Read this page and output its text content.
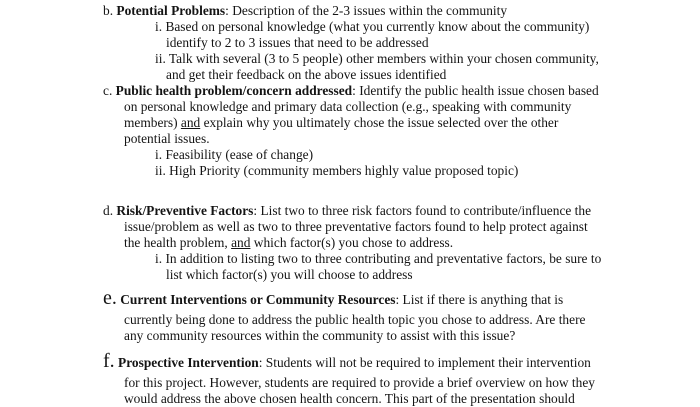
b. Potential Problems: Description of the 2-3 issues within the community
i. Based on personal knowledge (what you currently know about the community)
identify to 2 to 3 issues that need to be addressed
ii. Talk with several (3 to 5 people) other members within your chosen community,
and get their feedback on the above issues identified
c. Public health problem/concern addressed: Identify the public health issue chosen based
on personal knowledge and primary data collection (e.g., speaking with community
members) and explain why you ultimately chose the issue selected over the other
potential issues.
i. Feasibility (ease of change)
ii. High Priority (community members highly value proposed topic)
d. Risk/Preventive Factors: List two to three risk factors found to contribute/influence the
issue/problem as well as two to three preventative factors found to help protect against
the health problem, and which factor(s) you chose to address.
i. In addition to listing two to three contributing and preventative factors, be sure to
list which factor(s) you will choose to address
e. Current Interventions or Community Resources: List if there is anything that is
currently being done to address the public health topic you chose to address. Are there
any community resources within the community to assist with this issue?
f. Prospective Intervention: Students will not be required to implement their intervention
for this project. However, students are required to provide a brief overview on how they
would address the above chosen health concern. This part of the presentation should
